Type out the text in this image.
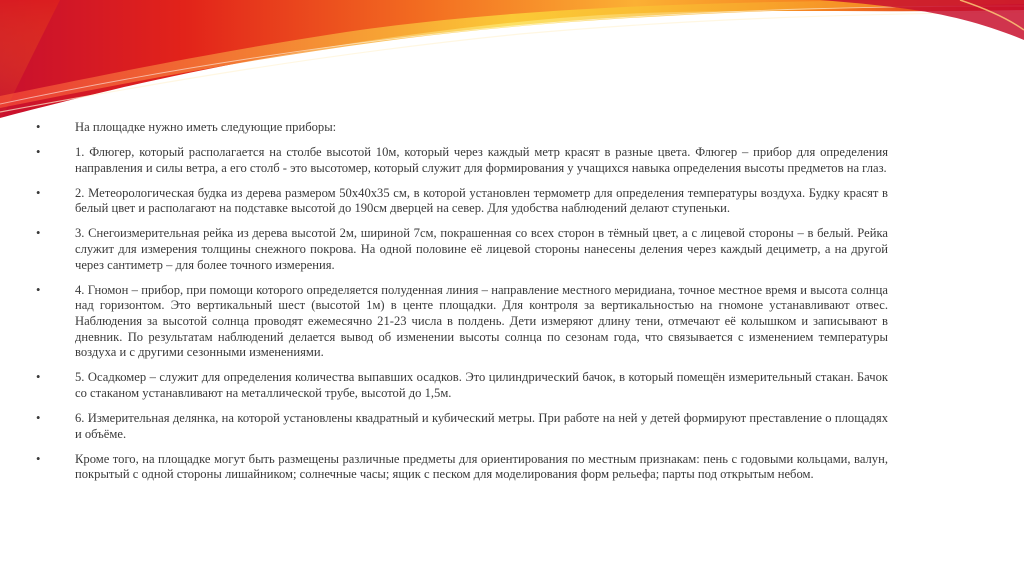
•	На площадке нужно иметь следующие приборы:
•	1. Флюгер, который располагается на столбе высотой 10м, который через каждый метр красят в разные цвета. Флюгер – прибор для определения направления и силы ветра, а его столб - это высотомер, который служит для формирования у учащихся навыка определения высоты предметов на глаз.
•	2. Метеорологическая будка из дерева размером 50х40х35 см, в которой установлен термометр для определения температуры воздуха. Будку красят в белый цвет и располагают на подставке высотой до 190см дверцей на север. Для удобства наблюдений делают ступеньки.
•	3. Снегоизмерительная рейка из дерева высотой 2м, шириной 7см, покрашенная со всех сторон в тёмный цвет, а с лицевой стороны – в белый. Рейка служит для измерения толщины снежного покрова. На одной половине её лицевой стороны нанесены деления через каждый дециметр, а на другой через сантиметр – для более точного измерения.
•	4. Гномон – прибор, при помощи которого определяется полуденная линия – направление местного меридиана, точное местное время и высота солнца над горизонтом. Это вертикальный шест (высотой 1м) в центе площадки. Для контроля за вертикальностью на гномоне устанавливают отвес. Наблюдения за высотой солнца проводят ежемесячно 21-23 числа в полдень. Дети измеряют длину тени, отмечают её колышком и записывают в дневник. По результатам наблюдений делается вывод об изменении высоты солнца по сезонам года, что связывается с изменением температуры воздуха и с другими сезонными изменениями.
•	5. Осадкомер – служит для определения количества выпавших осадков. Это цилиндрический бачок, в который помещён измерительный стакан. Бачок со стаканом устанавливают на металлической трубе, высотой до 1,5м.
•	6. Измерительная делянка, на которой установлены квадратный и кубический метры. При работе на ней у детей формируют преставление о площадях и объёме.
•	Кроме того, на площадке могут быть размещены различные предметы для ориентирования по местным признакам: пень с годовыми кольцами, валун, покрытый с одной стороны лишайником; солнечные часы; ящик с песком для моделирования форм рельефа; парты под открытым небом.
